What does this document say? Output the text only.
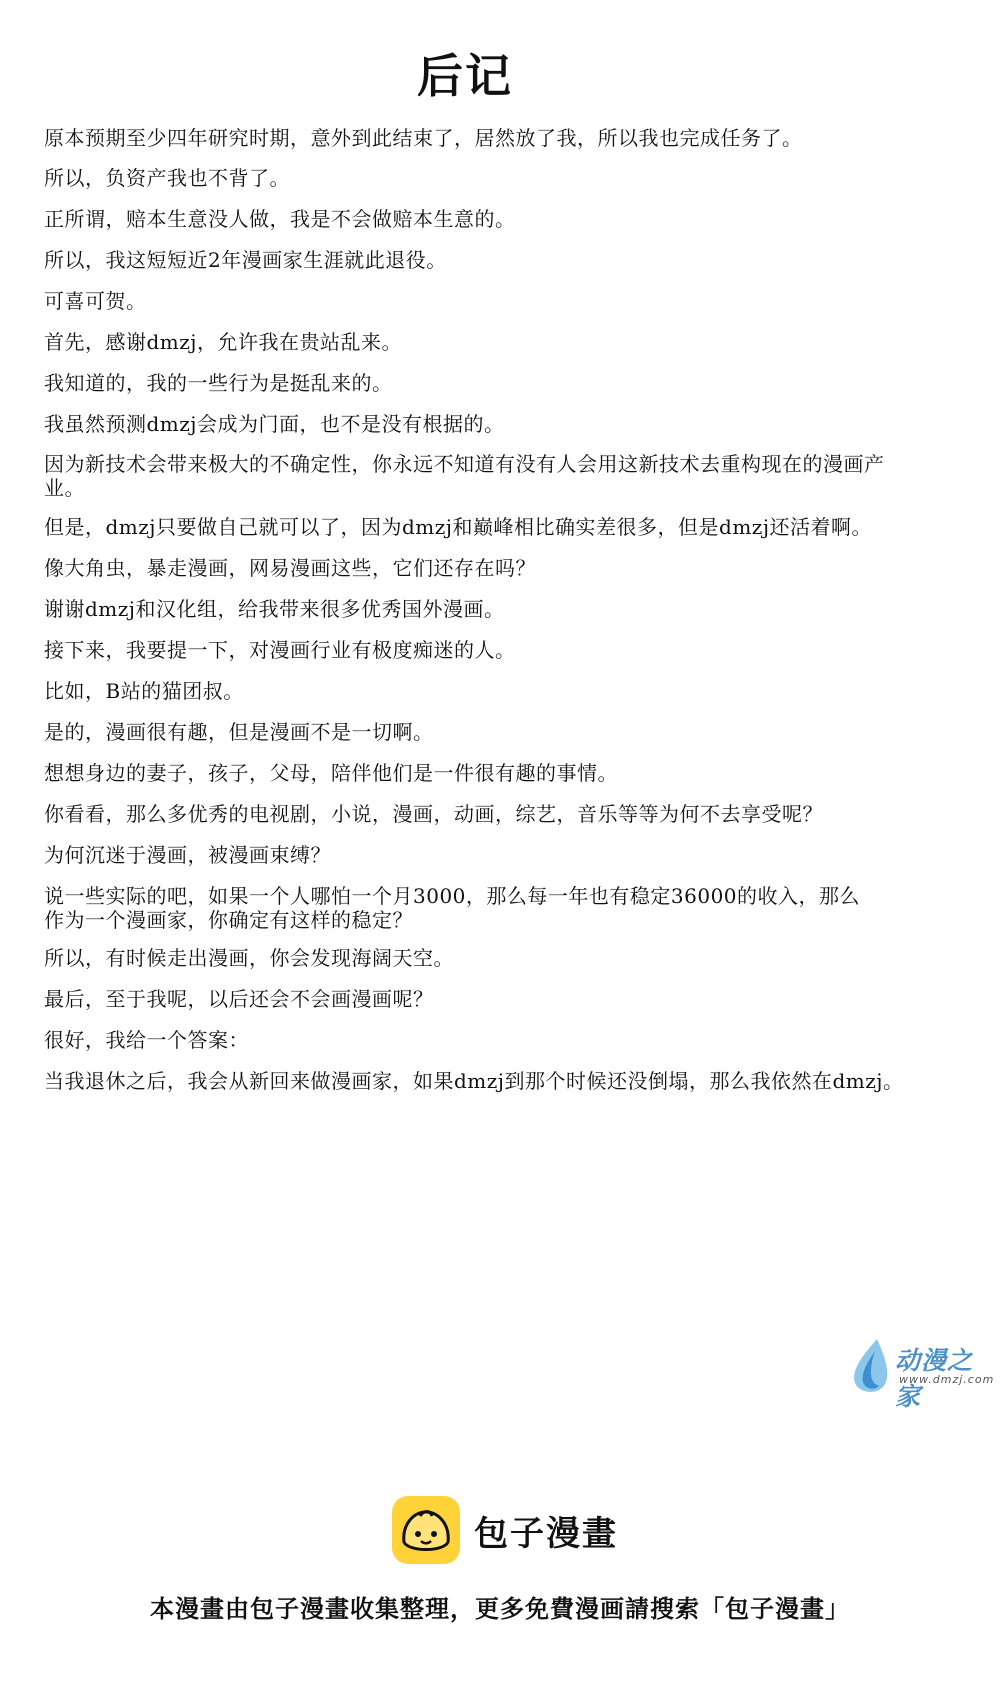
后记
原本预期至少四年研究时期，意外到此结束了，居然放了我，所以我也完成任务了。
所以，负资产我也不背了。
正所谓，赔本生意没人做，我是不会做赔本生意的。
所以，我这短短近2年漫画家生涯就此退役。
可喜可贺。
首先，感谢dmzj，允许我在贵站乱来。
我知道的，我的一些行为是挺乱来的。
我虽然预测dmzj会成为门面，也不是没有根据的。
因为新技术会带来极大的不确定性，你永远不知道有没有人会用这新技术去重构现在的漫画产业。
但是，dmzj只要做自己就可以了，因为dmzj和巅峰相比确实差很多，但是dmzj还活着啊。
像大角虫，暴走漫画，网易漫画这些，它们还存在吗？
谢谢dmzj和汉化组，给我带来很多优秀国外漫画。
接下来，我要提一下，对漫画行业有极度痴迷的人。
比如，B站的猫团叔。
是的，漫画很有趣，但是漫画不是一切啊。
想想身边的妻子，孩子，父母，陪伴他们是一件很有趣的事情。
你看看，那么多优秀的电视剧，小说，漫画，动画，综艺，音乐等等为何不去享受呢？
为何沉迷于漫画，被漫画束缚？
说一些实际的吧，如果一个人哪怕一个月3000，那么每一年也有稳定36000的收入，那么作为一个漫画家，你确定有这样的稳定？
所以，有时候走出漫画，你会发现海阔天空。
最后，至于我呢，以后还会不会画漫画呢？
很好，我给一个答案：
当我退休之后，我会从新回来做漫画家，如果dmzj到那个时候还没倒塌，那么我依然在dmzj。
动漫之家
www.dmzj.com
包子漫畫
本漫畫由包子漫畫收集整理，更多免費漫画請搜索「包子漫畫」
